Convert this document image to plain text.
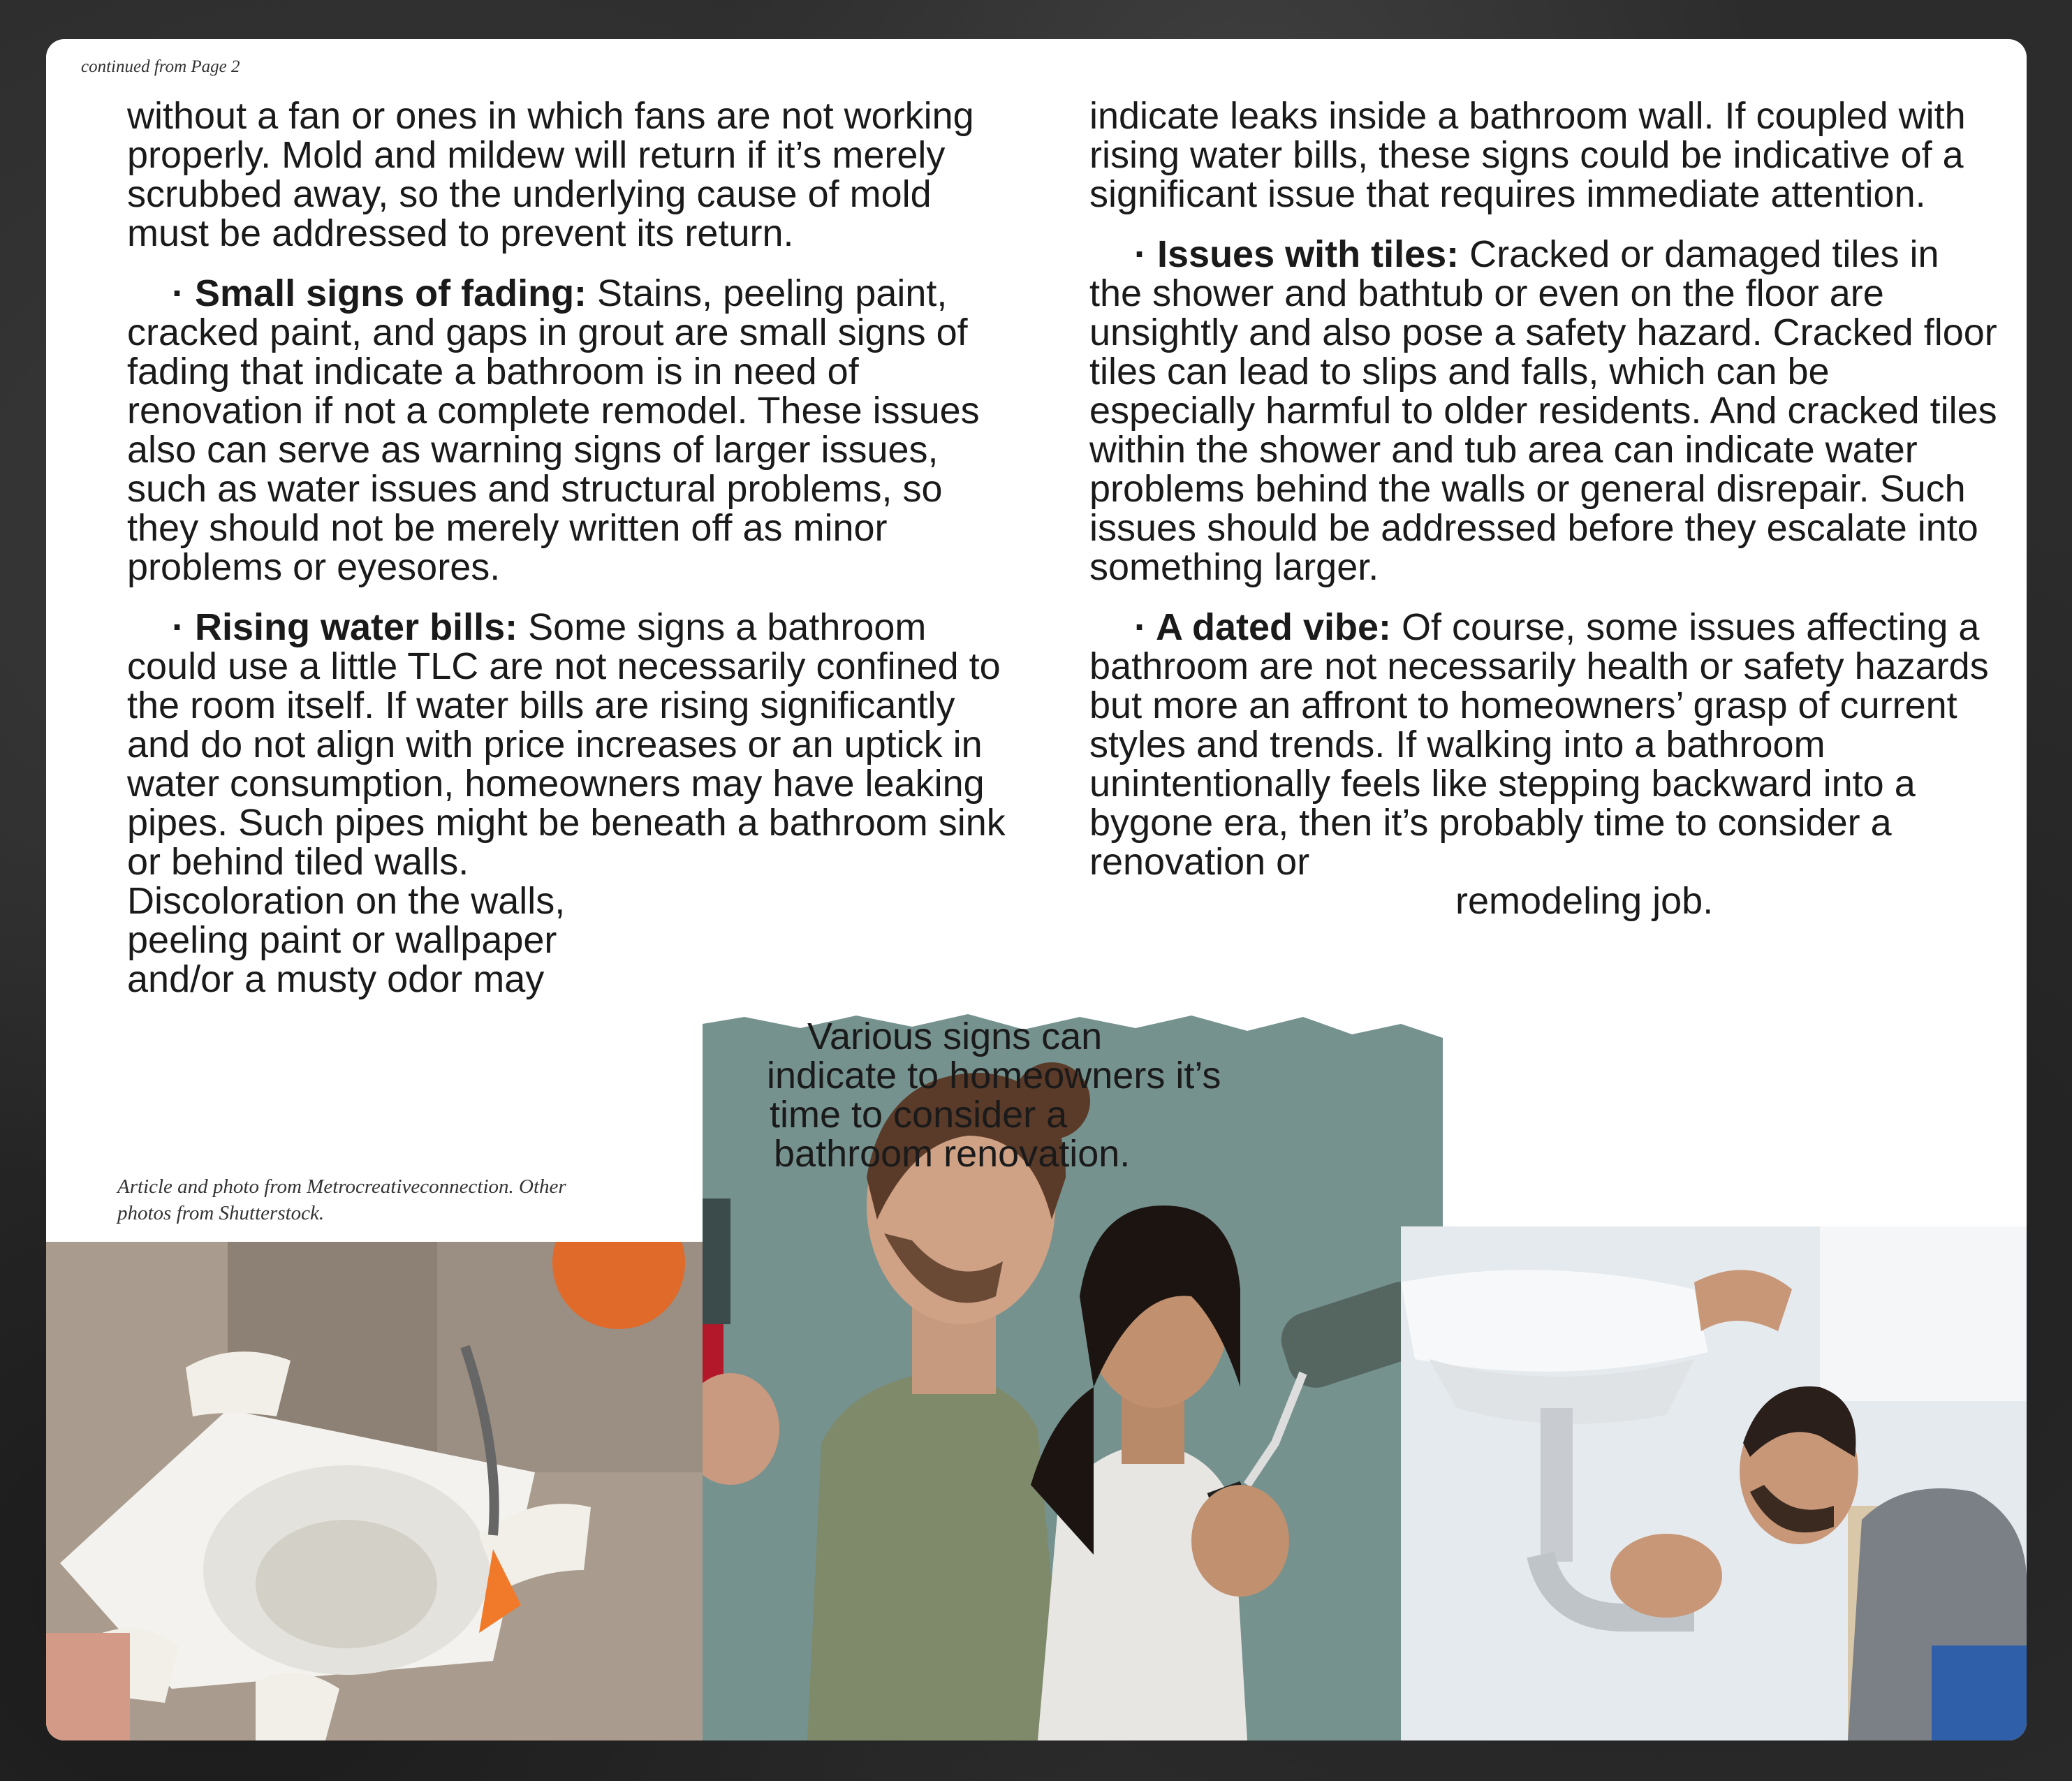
continued from Page 2

without a fan or ones in which fans are not working properly. Mold and mildew will return if it’s merely scrubbed away, so the underlying cause of mold must be addressed to prevent its return.

· Small signs of fading: Stains, peeling paint, cracked paint, and gaps in grout are small signs of fading that indicate a bathroom is in need of renovation if not a complete remodel. These issues also can serve as warning signs of larger issues, such as water issues and structural problems, so they should not be merely written off as minor problems or eyesores.

· Rising water bills: Some signs a bathroom could use a little TLC are not necessarily confined to the room itself. If water bills are rising significantly and do not align with price increases or an uptick in water consumption, homeowners may have leaking pipes. Such pipes might be beneath a bathroom sink or behind tiled walls.

Discoloration on the walls,

peeling paint or wallpaper

and/or a musty odor may

indicate leaks inside a bathroom wall. If coupled with rising water bills, these signs could be indicative of a significant issue that requires immediate attention.

· Issues with tiles: Cracked or damaged tiles in the shower and bathtub or even on the floor are unsightly and also pose a safety hazard. Cracked floor tiles can lead to slips and falls, which can be especially harmful to older residents. And cracked tiles within the shower and tub area can indicate water problems behind the walls or general disrepair. Such issues should be addressed before they escalate into something larger.

· A dated vibe: Of course, some issues affecting a bathroom are not necessarily health or safety hazards but more an affront to homeowners’ grasp of current styles and trends. If walking into a bathroom unintentionally feels like stepping backward into a bygone era, then it’s probably time to consider a renovation or

remodeling job.

Various signs can
indicate to homeowners it’s
time to consider a
bathroom renovation.
Article and photo from Metrocreativeconnection. Other
photos from Shutterstock.
